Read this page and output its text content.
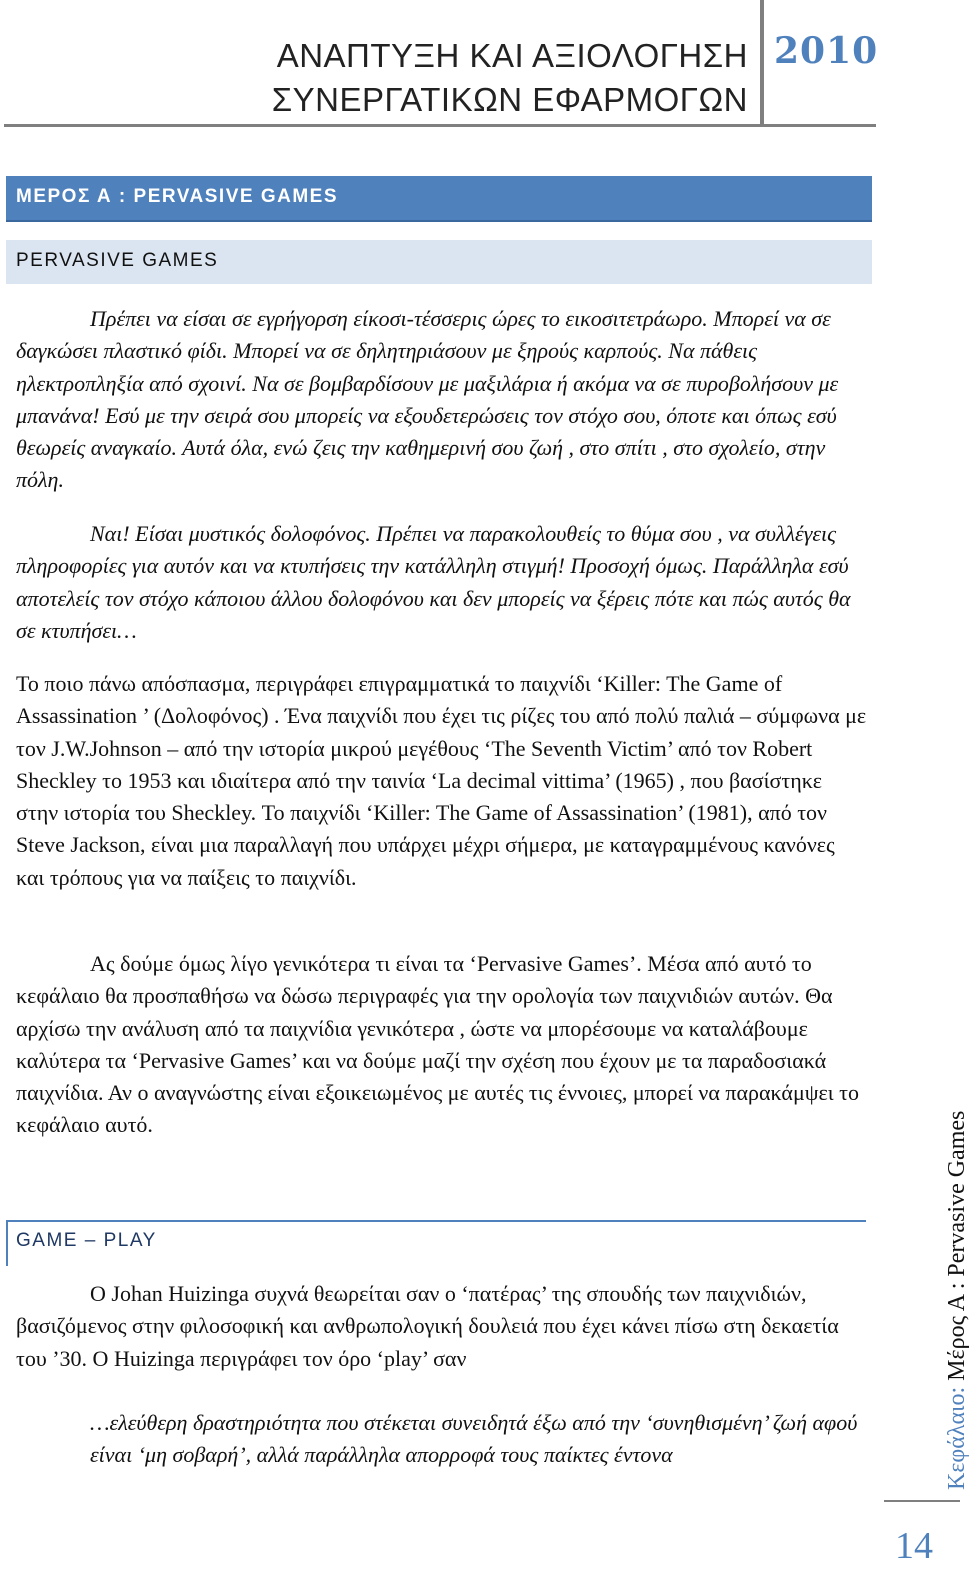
ΑΝΑΠΤΥΞΗ ΚΑΙ ΑΞΙΟΛΟΓΗΣΗ
ΣΥΝΕΡΓΑΤΙΚΩΝ ΕΦΑΡΜΟΓΩΝ
2010
ΜΕΡΟΣ Α : PERVASIVE GAMES
PERVASIVE GAMES

Πρέπει να είσαι σε εγρήγορση είκοσι-τέσσερις ώρες το εικοσιτετράωρο. Μπορεί να σε δαγκώσει πλαστικό φίδι. Μπορεί να σε δηλητηριάσουν με ξηρούς καρπούς. Να πάθεις ηλεκτροπληξία από σχοινί. Να σε βομβαρδίσουν με μαξιλάρια ή ακόμα να σε πυροβολήσουν με μπανάνα! Εσύ με την σειρά σου μπορείς να εξουδετερώσεις τον στόχο σου, όποτε και όπως εσύ θεωρείς αναγκαίο. Αυτά όλα, ενώ ζεις την καθημερινή σου ζωή , στο σπίτι , στο σχολείο, στην πόλη.

Ναι! Είσαι μυστικός δολοφόνος. Πρέπει να παρακολουθείς το θύμα σου , να συλλέγεις πληροφορίες για αυτόν και να κτυπήσεις την κατάλληλη στιγμή! Προσοχή όμως. Παράλληλα εσύ αποτελείς τον στόχο κάποιου άλλου δολοφόνου και δεν μπορείς να ξέρεις πότε και πώς αυτός θα σε κτυπήσει…

Το ποιο πάνω απόσπασμα, περιγράφει επιγραμματικά το παιχνίδι ‘Killer: The Game of Assassination ’ (Δολοφόνος) . Ένα παιχνίδι που έχει τις ρίζες του από πολύ παλιά – σύμφωνα με τον J.W.Johnson – από την ιστορία μικρού μεγέθους ‘The Seventh Victim’ από τον Robert Sheckley το 1953 και ιδιαίτερα από την ταινία ‘La decimal vittima’ (1965) , που βασίστηκε στην ιστορία του Sheckley. Το παιχνίδι ‘Killer: The Game of Assassination’ (1981), από τον Steve Jackson, είναι μια παραλλαγή που υπάρχει μέχρι σήμερα, με καταγραμμένους κανόνες και τρόπους για να παίξεις το παιχνίδι.

Ας δούμε όμως λίγο γενικότερα τι είναι τα ‘Pervasive Games’. Μέσα από αυτό το κεφάλαιο θα προσπαθήσω να δώσω περιγραφές για την ορολογία των παιχνιδιών αυτών. Θα αρχίσω την ανάλυση από τα παιχνίδια γενικότερα , ώστε να μπορέσουμε να καταλάβουμε καλύτερα τα ‘Pervasive Games’ και να δούμε μαζί την σχέση που έχουν με τα παραδοσιακά παιχνίδια. Αν ο αναγνώστης είναι εξοικειωμένος με αυτές τις έννοιες, μπορεί να παρακάμψει το κεφάλαιο αυτό.

GAME – PLAY

Ο Johan Huizinga συχνά θεωρείται σαν ο ‘πατέρας’ της σπουδής των παιχνιδιών, βασιζόμενος στην φιλοσοφική και ανθρωπολογική δουλειά που έχει κάνει πίσω στη δεκαετία του ’30. Ο Huizinga περιγράφει τον όρο ‘play’ σαν

…ελεύθερη δραστηριότητα που στέκεται συνειδητά έξω από την ‘συνηθισμένη’ ζωή αφού είναι ‘μη σοβαρή’, αλλά παράλληλα απορροφά τους παίκτες έντονα	Κεφάλαιο: Μέρος Α : Pervasive Games
14
